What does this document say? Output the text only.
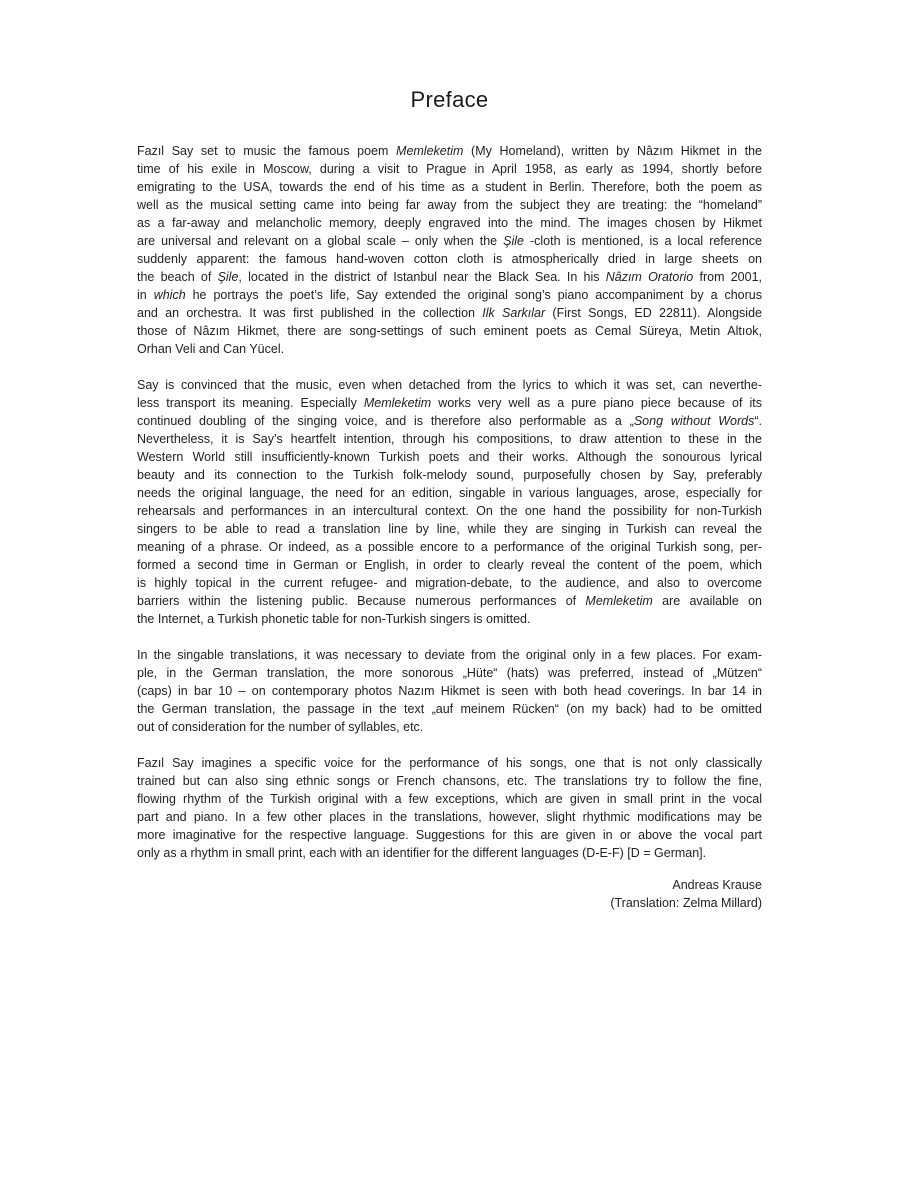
Preface
Fazıl Say set to music the famous poem Memleketim (My Homeland), written by Nâzım Hikmet in the
time of his exile in Moscow, during a visit to Prague in April 1958, as early as 1994, shortly before
emigrating to the USA, towards the end of his time as a student in Berlin. Therefore, both the poem as
well as the musical setting came into being far away from the subject they are treating: the “homeland”
as a far-away and melancholic memory, deeply engraved into the mind. The images chosen by Hikmet
are universal and relevant on a global scale – only when the Şile -cloth is mentioned, is a local reference
suddenly apparent: the famous hand-woven cotton cloth is atmospherically dried in large sheets on
the beach of Şile, located in the district of Istanbul near the Black Sea. In his Nâzım Oratorio from 2001,
in which he portrays the poet’s life, Say extended the original song’s piano accompaniment by a chorus
and an orchestra. It was first published in the collection Ilk Sarkılar (First Songs, ED 22811). Alongside
those of Nâzım Hikmet, there are song-settings of such eminent poets as Cemal Süreya, Metin Altıok,
Orhan Veli and Can Yücel.
Say is convinced that the music, even when detached from the lyrics to which it was set, can neverthe-
less transport its meaning. Especially Memleketim works very well as a pure piano piece because of its
continued doubling of the singing voice, and is therefore also performable as a „Song without Words“.
Nevertheless, it is Say’s heartfelt intention, through his compositions, to draw attention to these in the
Western World still insufficiently-known Turkish poets and their works. Although the sonourous lyrical
beauty and its connection to the Turkish folk-melody sound, purposefully chosen by Say, preferably
needs the original language, the need for an edition, singable in various languages, arose, especially for
rehearsals and performances in an intercultural context. On the one hand the possibility for non-Turkish
singers to be able to read a translation line by line, while they are singing in Turkish can reveal the
meaning of a phrase. Or indeed, as a possible encore to a performance of the original Turkish song, per-
formed a second time in German or English, in order to clearly reveal the content of the poem, which
is highly topical in the current refugee- and migration-debate, to the audience, and also to overcome
barriers within the listening public. Because numerous performances of Memleketim are available on
the Internet, a Turkish phonetic table for non-Turkish singers is omitted.
In the singable translations, it was necessary to deviate from the original only in a few places. For exam-
ple, in the German translation, the more sonorous „Hüte“ (hats) was preferred, instead of „Mützen“
(caps) in bar 10 – on contemporary photos Nazım Hikmet is seen with both head coverings. In bar 14 in
the German translation, the passage in the text „auf meinem Rücken“ (on my back) had to be omitted
out of consideration for the number of syllables, etc.
Fazıl Say imagines a specific voice for the performance of his songs, one that is not only classically
trained but can also sing ethnic songs or French chansons, etc. The translations try to follow the fine,
flowing rhythm of the Turkish original with a few exceptions, which are given in small print in the vocal
part and piano. In a few other places in the translations, however, slight rhythmic modifications may be
more imaginative for the respective language. Suggestions for this are given in or above the vocal part
only as a rhythm in small print, each with an identifier for the different languages (D-E-F) [D = German].
Andreas Krause
(Translation: Zelma Millard)
